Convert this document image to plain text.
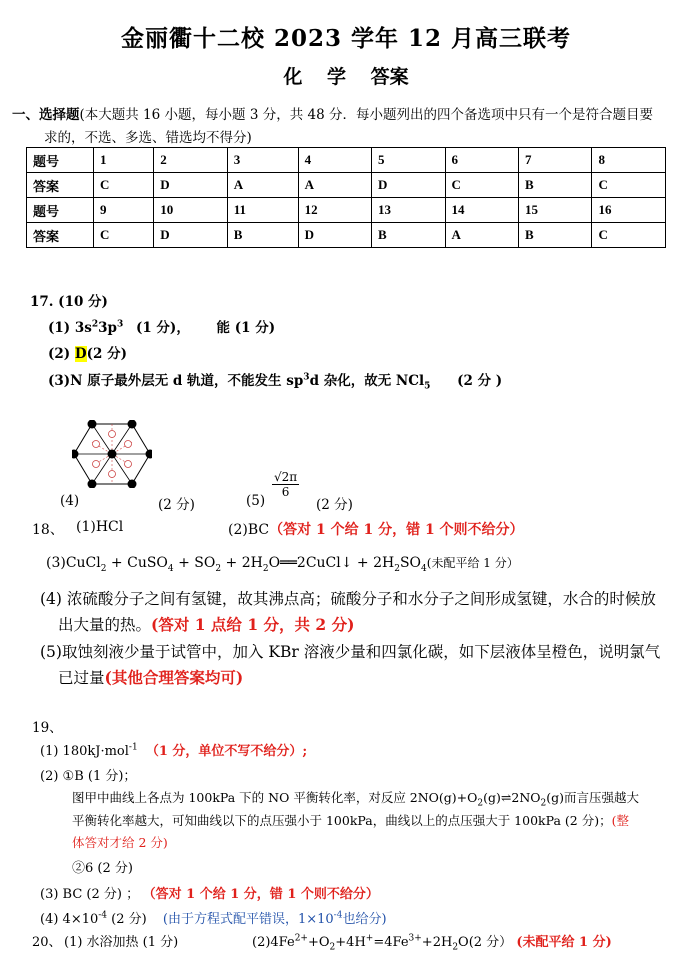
金丽衢十二校 2023 学年 12 月高三联考
化 学 答案
一、选择题(本大题共 16 小题，每小题 3 分，共 48 分．每小题列出的四个备选项中只有一个是符合题目要
求的，不选、多选、错选均不得分)
题号	1	2	3	4	5	6	7	8
答案	C	D	A	A	D	C	B	C
题号	9	10	11	12	13	14	15	16
答案	C	D	B	D	B	A	B	C
17. (10 分)
(1) $3s^23p^3$ (1 分)， 能 (1 分)
(2) D(2 分)
(3)N 原子最外层无 d 轨道，不能发生 $sp^3d$ 杂化，故无 NCl$_5$ (2 分 )
(4)	(2 分)	(5)
$\frac{√2\pi}{6}$
(2 分)
18、 (1)HCl	(2)BC（答对 1 个给 1 分，错 1 个则不给分）
(3)CuCl$_2$ + CuSO$_4$ + $SO_2$ + $2H_2O══2CuCl↓ + 2H_2SO_4$(未配平给 1 分）
(4) 浓硫酸分子之间有氢键，故其沸点高；硫酸分子和水分子之间形成氢键，水合的时候放
出大量的热。(答对 1 点给 1 分，共 2 分)
(5)取蚀刻液少量于试管中，加入 KBr 溶液少量和四氯化碳，如下层液体呈橙色，说明氯气
已过量(其他合理答案均可)
19、
(1) 180kJ·mol$^{-1}$ （1 分，单位不写不给分）;
(2) ①B (1 分)；
图甲中曲线上各点为 100kPa 下的 NO 平衡转化率，对反应 $2NO(g)+O_2(g)\rightleftharpoons 2NO_2(g)$而言压强越大
平衡转化率越大，可知曲线以下的点压强小于 100kPa，曲线以上的点压强大于 100kPa (2 分)；(整
体答对才给 2 分)
②6 (2 分)
(3) BC (2 分) ； （答对 1 个给 1 分，错 1 个则不给分）
(4) $4\times 10^{-4}$ (2 分) (由于方程式配平错误，$1\times 10^{-4}$也给分)
20、 (1) 水浴加热 (1 分)	$(2)4Fe^{2+}+O_2+4H^+=4Fe^{3+}+2H_2O(2$ 分） (未配平给 1 分)
